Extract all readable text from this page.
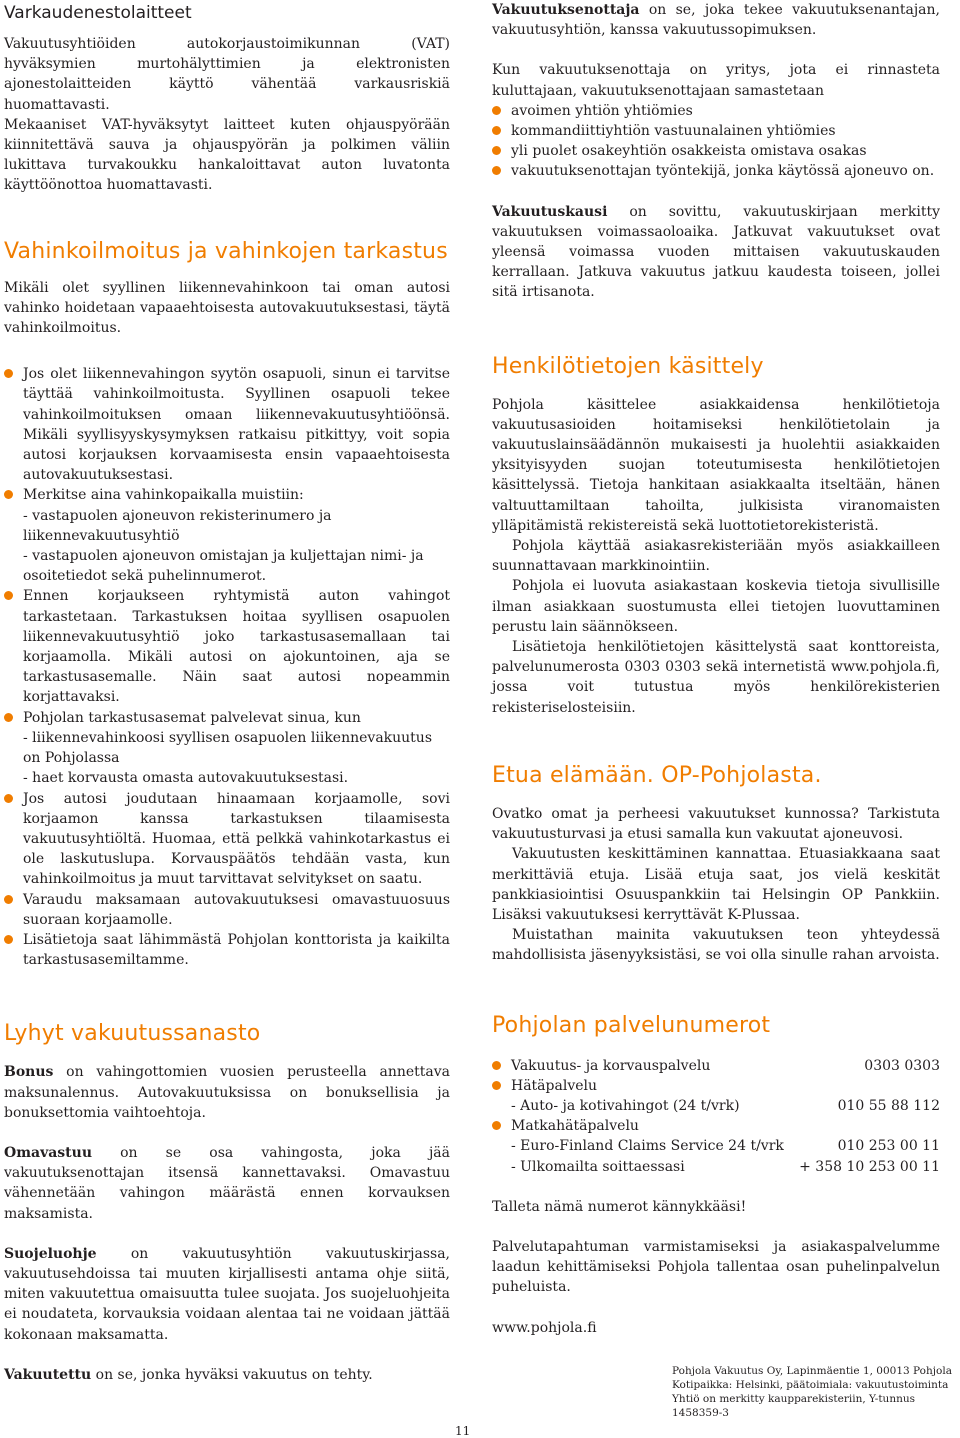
Varkaudenestolaitteet

Vakuutusyhtiöiden autokorjaustoimikunnan (VAT) hyväksymien murtohälyttimien ja elektronisten ajonestolaitteiden käyttö vähentää varkausriskiä huomattavasti.

Mekaaniset VAT-hyväksytyt laitteet kuten ohjauspyörään kiinnitettävä sauva ja ohjauspyörän ja polkimen väliin lukittava turvakoukku hankaloittavat auton luvatonta käyttöönottoa huomattavasti.

Vahinkoilmoitus ja vahinkojen tarkastus

Mikäli olet syyllinen liikennevahinkoon tai oman autosi vahinko hoidetaan vapaaehtoisesta autovakuutuksestasi, täytä vahinkoilmoitus.

Jos olet liikennevahingon syytön osapuoli, sinun ei tarvitse täyttää vahinkoilmoitusta. Syyllinen osapuoli tekee vahinkoilmoituksen omaan liikennevakuutusyhtiöönsä. Mikäli syyllisyyskysymyksen ratkaisu pitkittyy, voit sopia autosi korjauksen korvaamisesta ensin vapaaehtoisesta autovakuutuksestasi.
Merkitse aina vahinkopaikalla muistiin:
- vastapuolen ajoneuvon rekisterinumero ja liikennevakuutusyhtiö
- vastapuolen ajoneuvon omistajan ja kuljettajan nimi- ja osoitetiedot sekä puhelinnumerot.
Ennen korjaukseen ryhtymistä auton vahingot tarkastetaan. Tarkastuksen hoitaa syyllisen osapuolen liikennevakuutusyhtiö joko tarkastusasemallaan tai korjaamolla. Mikäli autosi on ajokuntoinen, aja se tarkastusasemalle. Näin saat autosi nopeammin korjattavaksi.
Pohjolan tarkastusasemat palvelevat sinua, kun
- liikennevahinkoosi syyllisen osapuolen liikennevakuutus on Pohjolassa
- haet korvausta omasta autovakuutuksestasi.
Jos autosi joudutaan hinaamaan korjaamolle, sovi korjaamon kanssa tarkastuksen tilaamisesta vakuutusyhtiöltä. Huomaa, että pelkkä vahinkotarkastus ei ole laskutuslupa. Korvauspäätös tehdään vasta, kun vahinkoilmoitus ja muut tarvittavat selvitykset on saatu.
Varaudu maksamaan autovakuutuksesi omavastuuosuus suoraan korjaamolle.
Lisätietoja saat lähimmästä Pohjolan konttorista ja kaikilta tarkastusasemiltamme.
Lyhyt vakuutussanasto

Bonus on vahingottomien vuosien perusteella annettava maksunalennus. Autovakuutuksissa on bonuksellisia ja bonuksettomia vaihtoehtoja.

Omavastuu on se osa vahingosta, joka jää vakuutuksenottajan itsensä kannettavaksi. Omavastuu vähennetään vahingon määrästä ennen korvauksen maksamista.

Suojeluohje on vakuutusyhtiön vakuutuskirjassa, vakuutusehdoissa tai muuten kirjallisesti antama ohje siitä, miten vakuutettua omaisuutta tulee suojata. Jos suojeluohjeita ei noudateta, korvauksia voidaan alentaa tai ne voidaan jättää kokonaan maksamatta.

Vakuutettu on se, jonka hyväksi vakuutus on tehty.

Vakuutuksenottaja on se, joka tekee vakuutuksenantajan, vakuutusyhtiön, kanssa vakuutussopimuksen.

Kun vakuutuksenottaja on yritys, jota ei rinnasteta kuluttajaan, vakuutuksenottajaan samastetaan

avoimen yhtiön yhtiömies
kommandiittiyhtiön vastuunalainen yhtiömies
yli puolet osakeyhtiön osakkeista omistava osakas
vakuutuksenottajan työntekijä, jonka käytössä ajoneuvo on.

Vakuutuskausi on sovittu, vakuutuskirjaan merkitty vakuutuksen voimassaoloaika. Jatkuvat vakuutukset ovat yleensä voimassa vuoden mittaisen vakuutuskauden kerrallaan. Jatkuva vakuutus jatkuu kaudesta toiseen, jollei sitä irtisanota.

Henkilötietojen käsittely

Pohjola käsittelee asiakkaidensa henkilötietoja vakuutusasioiden hoitamiseksi henkilötietolain ja vakuutuslainsäädännön mukaisesti ja huolehtii asiakkaiden yksityisyyden suojan toteutumisesta henkilötietojen käsittelyssä. Tietoja hankitaan asiakkaalta itseltään, hänen valtuuttamiltaan tahoilta, julkisista viranomaisten ylläpitämistä rekistereistä sekä luottotietorekisteristä.

Pohjola käyttää asiakasrekisteriään myös asiakkailleen suunnattavaan markkinointiin.

Pohjola ei luovuta asiakastaan koskevia tietoja sivullisille ilman asiakkaan suostumusta ellei tietojen luovuttaminen perustu lain säännökseen.

Lisätietoja henkilötietojen käsittelystä saat konttoreista, palvelunumerosta 0303 0303 sekä internetistä www.pohjola.fi, jossa voit tutustua myös henkilörekisterien rekisteriselosteisiin.

Etua elämään. OP-Pohjolasta.

Ovatko omat ja perheesi vakuutukset kunnossa? Tarkistuta vakuutusturvasi ja etusi samalla kun vakuutat ajoneuvosi.

Vakuutusten keskittäminen kannattaa. Etuasiakkaana saat merkittäviä etuja. Lisää etuja saat, jos vielä keskität pankkiasiointisi Osuuspankkiin tai Helsingin OP Pankkiin. Lisäksi vakuutuksesi kerryttävät K-Plussaa.

Muistathan mainita vakuutuksen teon yhteydessä mahdollisista jäsenyyksistäsi, se voi olla sinulle rahan arvoista.

Pohjolan palvelunumerot
Vakuutus- ja korvauspalvelu	0303 0303
Hätäpalvelu
- Auto- ja kotivahingot (24 t/vrk)	010 55 88 112
Matkahätäpalvelu
- Euro-Finland Claims Service 24 t/vrk	010 253 00 11
- Ulkomailta soittaessasi	+ 358 10 253 00 11

Talleta nämä numerot kännykkääsi!

Palvelutapahtuman varmistamiseksi ja asiakaspalvelumme laadun kehittämiseksi Pohjola tallentaa osan puhelinpalvelun puheluista.

www.pohjola.fi

Pohjola Vakuutus Oy, Lapinmäentie 1, 00013 Pohjola
Kotipaikka: Helsinki, päätoimiala: vakuutustoiminta
Yhtiö on merkitty kaupparekisteriin, Y-tunnus 1458359-3
11
